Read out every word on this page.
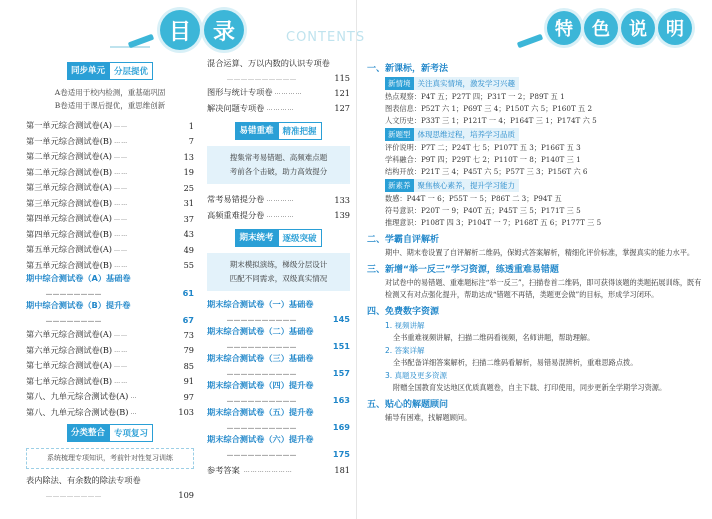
目 录	CONTENTS
同步单元	分层提优
A卷适用于校内检测，重基础巩固
B卷适用于课后提优，重思维创新
第一单元综合测试卷(A) ……	1
第一单元综合测试卷(B) ……	7
第二单元综合测试卷(A) ……	13
第二单元综合测试卷(B) ……	19
第三单元综合测试卷(A) ……	25
第三单元综合测试卷(B) ……	31
第四单元综合测试卷(A) ……	37
第四单元综合测试卷(B) ……	43
第五单元综合测试卷(A) ……	49
第五单元综合测试卷(B) ……	55
期中综合测试卷（A）基础卷
……………………	61
期中综合测试卷（B）提升卷
……………………	67
第六单元综合测试卷(A) ……	73
第六单元综合测试卷(B) ……	79
第七单元综合测试卷(A) ……	85
第七单元综合测试卷(B) ……	91
第八、九单元综合测试卷(A) …	97
第八、九单元综合测试卷(B) …	103
分类整合	专项复习
系统梳理专项知识，考前针对性复习训练
表内除法、有余数的除法专项卷
……………………	109
混合运算、万以内数的认识专项卷
…………………………	115
图形与统计专项卷 …………	121
解决问题专项卷 …………	127
易错重难	精准把握
搜集常考易错题、高频难点题
考前各个击破，助力高效提分
常考易错提分卷 …………	133
高频重难提分卷 …………	139
期末统考	逐级突破
期末模拟演练，梯级分层设计
匹配不同需求，双级真实情况
期末综合测试卷（一）基础卷
…………………………	145
期末综合测试卷（二）基础卷
…………………………	151
期末综合测试卷（三）基础卷
…………………………	157
期末综合测试卷（四）提升卷
…………………………	163
期末综合测试卷（五）提升卷
…………………………	169
期末综合测试卷（六）提升卷
…………………………	175
参考答案 …………………	181
特	色	说	明
一、新课标，新考法
新情境 关注真实情境，激发学习兴趣
热点观察：P4T 五；P27T 四；P31T 一 2；P89T 五 1
图表信息：P52T 六 1；P69T 三 4；P150T 六 5；P160T 五 2
人文历史：P33T 三 1；P121T 一 4；P164T 三 1；P174T 六 5
新题型 体现思维过程，培养学习品质
评价说明：P7T 二；P24T 七 5；P107T 五 3；P166T 五 3
学科融合：P9T 四；P29T 七 2；P110T 一 8；P140T 三 1
结构开放：P21T 三 4；P45T 六 5；P57T 三 3；P156T 六 6
新素养 聚焦核心素养，提升学习能力
数感：P44T 一 6；P55T 一 5；P86T 二 3；P94T 五
符号意识：P20T 一 9；P40T 五；P45T 三 5；P171T 三 5
推理意识：P108T 四 3；P104T 一 7；P168T 五 6；P177T 三 5
二、学霸自评解析
期中、期末卷设置了自评解析二维码，保姆式答案解析，精细化评价标准，掌握真实的能力水平。
三、新增“举一反三”学习资源，练透重难易错题
对试卷中的易错题、重难题标注“举一反三”，扫描卷首二维码，即可获得该题的类题拓展训练，既有检测又有对点强化提升，帮助达成“错题不再错，类题更会做”的目标，形成学习闭环。
四、免费数字资源
1. 视频讲解
全书重难视频讲解，扫描二维码看视频，名师讲题，帮助理解。
2. 答案详解
全书配备详细答案解析，扫描二维码看解析，易错易混辨析，重难思路点拨。
3. 真题及更多资源
附赠全国教育发达地区优质真题卷，自主下载、打印使用，同步更新全学期学习资源。
五、贴心的解题顾问
辅导有困难，找解题顾问。
